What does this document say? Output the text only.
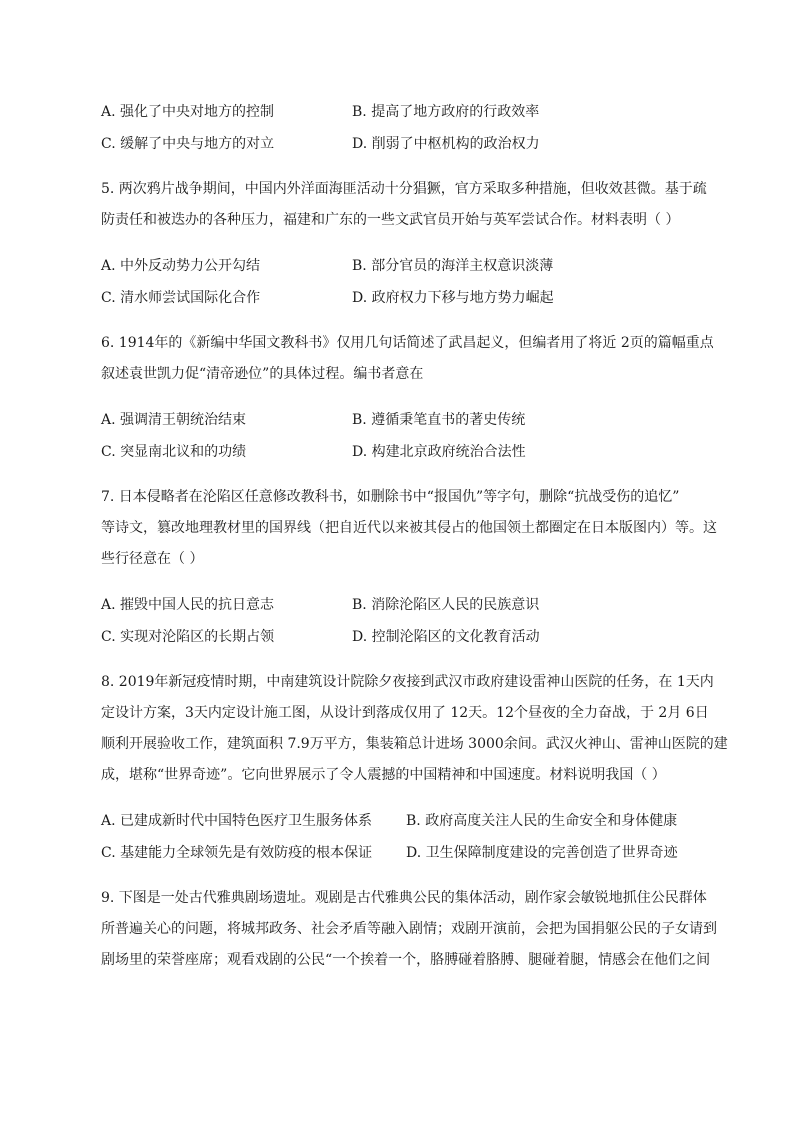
A. 强化了中央对地方的控制	B. 提高了地方政府的行政效率
C. 缓解了中央与地方的对立	D. 削弱了中枢机构的政治权力
5. 两次鸦片战争期间，中国内外洋面海匪活动十分猖獗，官方采取多种措施，但收效甚微。基于疏
防责任和被迭办的各种压力，福建和广东的一些文武官员开始与英军尝试合作。材料表明（ ）
A. 中外反动势力公开勾结	B. 部分官员的海洋主权意识淡薄
C. 清水师尝试国际化合作	D. 政府权力下移与地方势力崛起
6. 1914年的《新编中华国文教科书》仅用几句话简述了武昌起义，但编者用了将近 2页的篇幅重点
叙述袁世凯力促“清帝逊位”的具体过程。编书者意在
A. 强调清王朝统治结束	B. 遵循秉笔直书的著史传统
C. 突显南北议和的功绩	D. 构建北京政府统治合法性
7. 日本侵略者在沦陷区任意修改教科书，如删除书中“报国仇”等字句，删除“抗战受伤的追忆”
等诗文，篡改地理教材里的国界线（把自近代以来被其侵占的他国领土都圈定在日本版图内）等。这
些行径意在（ ）
A. 摧毁中国人民的抗日意志	B. 消除沦陷区人民的民族意识
C. 实现对沦陷区的长期占领	D. 控制沦陷区的文化教育活动
8. 2019年新冠疫情时期，中南建筑设计院除夕夜接到武汉市政府建设雷神山医院的任务，在 1天内
定设计方案，3天内定设计施工图，从设计到落成仅用了 12天。12个昼夜的全力奋战，于 2月 6日
顺利开展验收工作，建筑面积 7.9万平方，集装箱总计进场 3000余间。武汉火神山、雷神山医院的建
成，堪称“世界奇迹”。它向世界展示了令人震撼的中国精神和中国速度。材料说明我国（ ）
A. 已建成新时代中国特色医疗卫生服务体系 B. 政府高度关注人民的生命安全和身体健康
C. 基建能力全球领先是有效防疫的根本保证 D. 卫生保障制度建设的完善创造了世界奇迹
9. 下图是一处古代雅典剧场遗址。观剧是古代雅典公民的集体活动，剧作家会敏锐地抓住公民群体
所普遍关心的问题，将城邦政务、社会矛盾等融入剧情；戏剧开演前，会把为国捐躯公民的子女请到
剧场里的荣誉座席；观看戏剧的公民“一个挨着一个，胳膊碰着胳膊、腿碰着腿，情感会在他们之间
